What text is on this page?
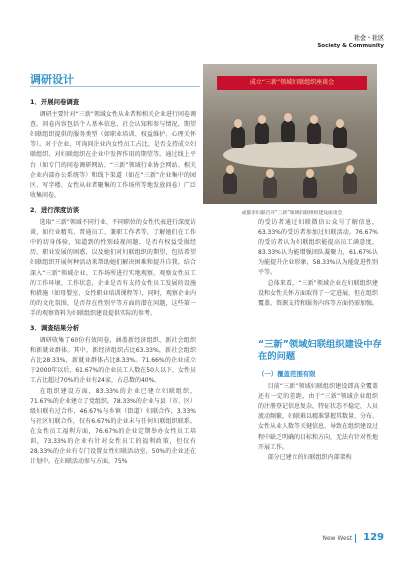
社会・社区
Society & Community
调研设计
1．开展问卷调查

调研主要针对“三新”领域女性从业者和相关企业进行问卷调查。问卷内容包括个人基本信息、社会认知和参与情况、期望妇联组织提供的服务类型（如职业培训、权益维护、心理关怀等）。对于企业，可询问企业内女性员工占比、是否支持成立妇联组织、对妇联组织在企业中发挥作用的期望等。通过线上平台（如专门的问卷调研网站、“三新”领域行业协会网站、相关企业内部办公系统等）和线下渠道（如在“三新”企业集中的园区、写字楼、女性从业者聚集的工作场所等地发放问卷）广泛收集问卷。

2．进行深度访谈

选取“三新”领域不同行业、不同职位的女性代表进行深度访谈，如行业精英、普通员工、兼职工作者等，了解她们在工作中的切身体验，知道到的性别歧视问题、是否有权益受损经历、职业发展的困惑，以及她们对妇联组织的期望，包括希望妇联组织开展何种活动来帮助她们解决困难和提升自我。结合深入“三新”领域企业、工作场所进行实地观察，观察女性员工的工作环境、工作状态，企业是否有支持女性员工发展的设施和措施（如母婴室、女性职业培训课程等），同时，观察企业内的的文化氛围，是否存在性别平等方面的潜在问题，这些第一手的观察资料为妇联组织建设提供实际的参考。

3．调查结果分析

调研收集了60份有效问卷，涵盖新经济组织、新社会组织和新就业群体。其中，新经济组织占比63.33%，新社会组织占比28.33%，新就业群体占比8.33%。71.66%的企业成立于2000年以后，61.67%的企业员工人数在50人以下，女性员工占比超过70%的企业有24家，占总数的40%。

在组织建设方面，83.33%的企业已建立妇联组织，71.67%的企业建立了党组织。78.33%的企业与县（市、区）级妇联有过合作，46.67%与乡镇（街道）妇联合作，3.33%与社区妇联合作，仅有6.67%的企业未与任何妇联组织联系。在女性员工福利方面，76.67%的企业定期举办女性员工培训，73.33%的企业有针对女性员工的福利政策，但仅有28.33%的企业有专门设置女性妇联活动室，50%的企业还在计划中。在妇联活动参与方面，75%

成立“三新”领域妇联组织座谈会
成都市妇联召开“三新”领域妇联组织建设座谈会

的受访者通过妇联微信公众号了解信息，63.33%的受访者参加过妇联活动。76.67%的受访者认为妇联组织能提高员工满意度，83.33%认为能增强团队凝聚力，61.67%认为能提升企业形象，58.33%认为能促进性别平等。

总体来看，“三新”领域企业在妇联组织建设和女性关怀方面取得了一定进展，但在组织覆盖、资源支持和服务内容等方面仍需加强。

“三新”领域妇联组织建设中存在的问题
（一）覆盖范围有限

目前“三新”领域妇联组织建设即高全覆盖还有一定的差距，由于“三新”领域企业组织的注册登记信息复杂，特征状态不稳定，人员流动频繁，妇联难以精准掌握其数量、分布、女性从业人数等关键信息，导致在组织建设过程中缺乏明确的目标和方向，无法有针对性地开展工作。

部分已建立的妇联组织内部架构

New West 129
